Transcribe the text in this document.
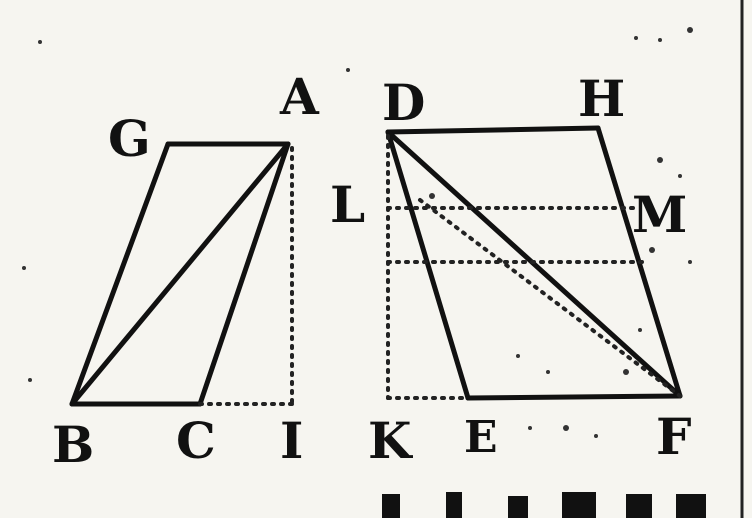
A
G
D	H
L	M
B C I K E	F
